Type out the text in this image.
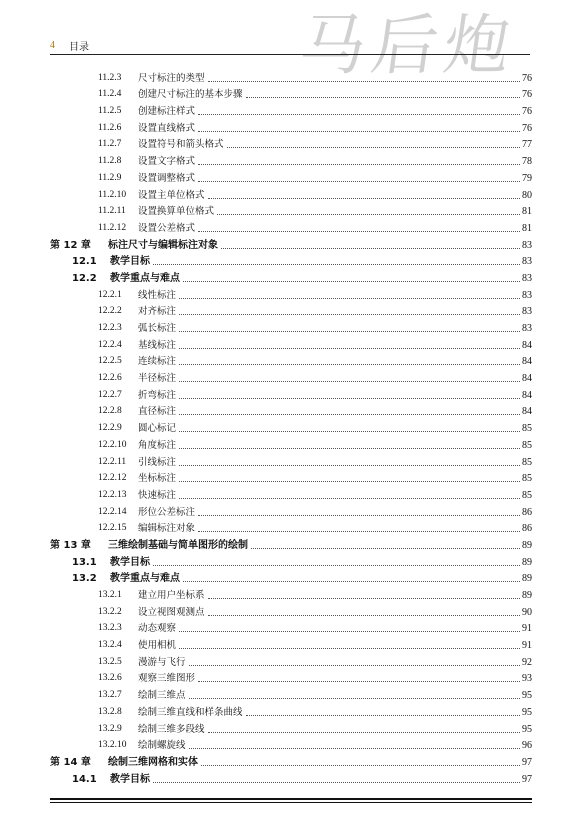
马后炮
4 目录
11.2.3	尺寸标注的类型	76
11.2.4	创建尺寸标注的基本步骤	76
11.2.5	创建标注样式	76
11.2.6	设置直线格式	76
11.2.7	设置符号和箭头格式	77
11.2.8	设置文字格式	78
11.2.9	设置调整格式	79
11.2.10	设置主单位格式	80
11.2.11	设置换算单位格式	81
11.2.12	设置公差格式	81
第 12 章	标注尺寸与编辑标注对象	83
12.1	教学目标	83
12.2	教学重点与难点	83
12.2.1	线性标注	83
12.2.2	对齐标注	83
12.2.3	弧长标注	83
12.2.4	基线标注	84
12.2.5	连续标注	84
12.2.6	半径标注	84
12.2.7	折弯标注	84
12.2.8	直径标注	84
12.2.9	圆心标记	85
12.2.10	角度标注	85
12.2.11	引线标注	85
12.2.12	坐标标注	85
12.2.13	快速标注	85
12.2.14	形位公差标注	86
12.2.15	编辑标注对象	86
第 13 章	三维绘制基础与简单图形的绘制	89
13.1	教学目标	89
13.2	教学重点与难点	89
13.2.1	建立用户坐标系	89
13.2.2	设立视图观测点	90
13.2.3	动态观察	91
13.2.4	使用相机	91
13.2.5	漫游与飞行	92
13.2.6	观察三维图形	93
13.2.7	绘制三维点	95
13.2.8	绘制三维直线和样条曲线	95
13.2.9	绘制三维多段线	95
13.2.10	绘制螺旋线	96
第 14 章	绘制三维网格和实体	97
14.1	教学目标	97
